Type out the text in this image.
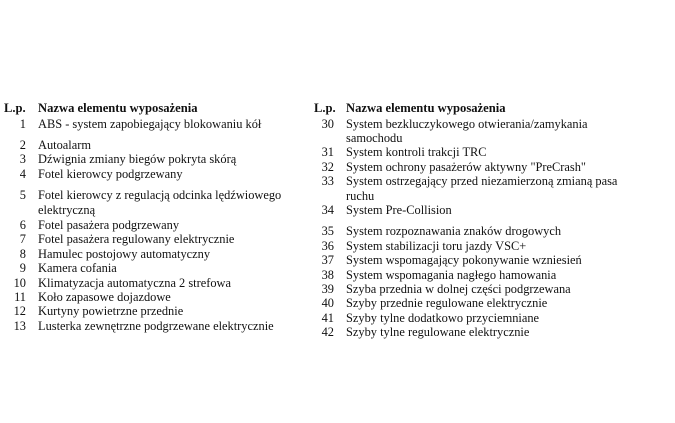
L.p. Nazwa elementu wyposażenia
1 ABS - system zapobiegający blokowaniu kół
2 Autoalarm
3 Dźwignia zmiany biegów pokryta skórą
4 Fotel kierowcy podgrzewany
5 Fotel kierowcy z regulacją odcinka lędźwiowego elektryczną
6 Fotel pasażera podgrzewany
7 Fotel pasażera regulowany elektrycznie
8 Hamulec postojowy automatyczny
9 Kamera cofania
10 Klimatyzacja automatyczna 2 strefowa
11 Koło zapasowe dojazdowe
12 Kurtyny powietrzne przednie
13 Lusterka zewnętrzne podgrzewane elektrycznie
L.p. Nazwa elementu wyposażenia
30 System bezkluczykowego otwierania/zamykania samochodu
31 System kontroli trakcji TRC
32 System ochrony pasażerów aktywny "PreCrash"
33 System ostrzegający przed niezamierzoną zmianą pasa ruchu
34 System Pre-Collision
35 System rozpoznawania znaków drogowych
36 System stabilizacji toru jazdy VSC+
37 System wspomagający pokonywanie wzniesień
38 System wspomagania nagłego hamowania
39 Szyba przednia w dolnej części podgrzewana
40 Szyby przednie regulowane elektrycznie
41 Szyby tylne dodatkowo przyciemniane
42 Szyby tylne regulowane elektrycznie
